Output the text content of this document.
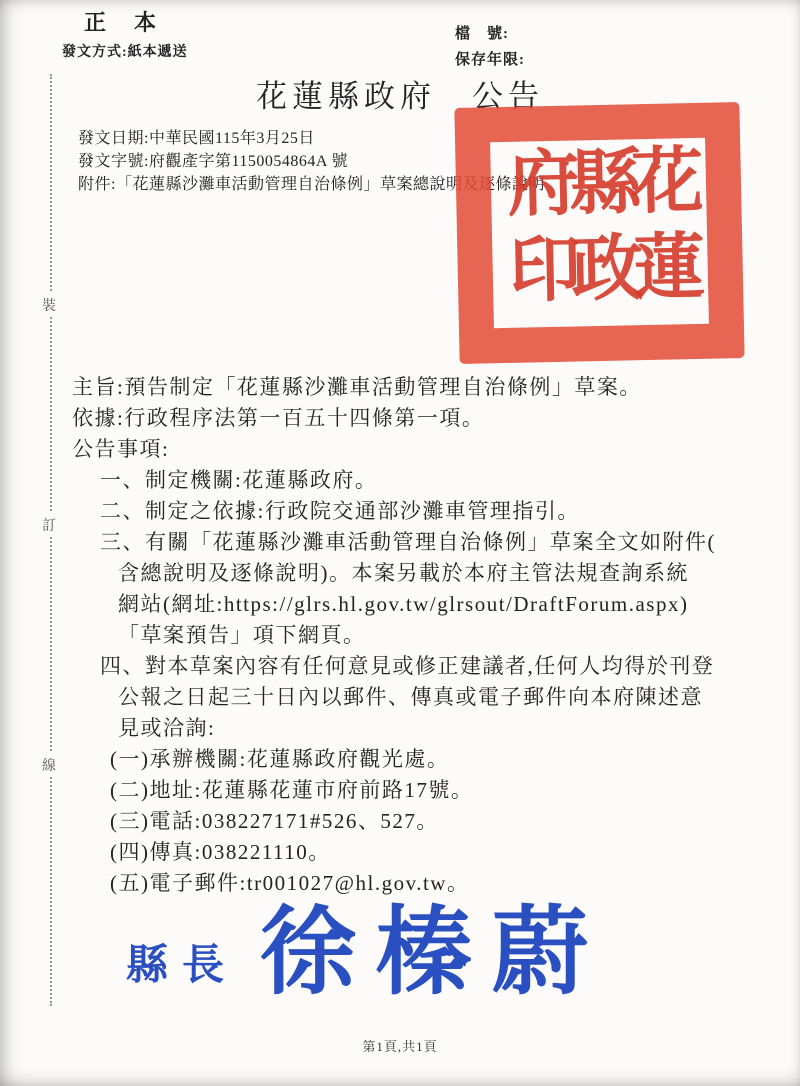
正　本
發文方式:紙本遞送
檔　號:
保存年限:
花蓮縣政府　公告
發文日期:中華民國115年3月25日
發文字號:府觀產字第1150054864A 號
附件:「花蓮縣沙灘車活動管理自治條例」草案總說明及逐條說明	花蓮縣政府印
裝
訂
線
主旨:預告制定「花蓮縣沙灘車活動管理自治條例」草案。
依據:行政程序法第一百五十四條第一項。
公告事項:
一、制定機關:花蓮縣政府。
二、制定之依據:行政院交通部沙灘車管理指引。
三、有關「花蓮縣沙灘車活動管理自治條例」草案全文如附件(
含總說明及逐條說明)。本案另載於本府主管法規查詢系統
網站(網址:https://glrs.hl.gov.tw/glrsout/DraftForum.aspx)
「草案預告」項下網頁。
四、對本草案內容有任何意見或修正建議者,任何人均得於刊登
公報之日起三十日內以郵件、傳真或電子郵件向本府陳述意
見或洽詢:
(一)承辦機關:花蓮縣政府觀光處。
(二)地址:花蓮縣花蓮市府前路17號。
(三)電話:038227171#526、527。
(四)傳真:038221110。
(五)電子郵件:tr001027@hl.gov.tw。
縣長 徐榛蔚
第1頁,共1頁
